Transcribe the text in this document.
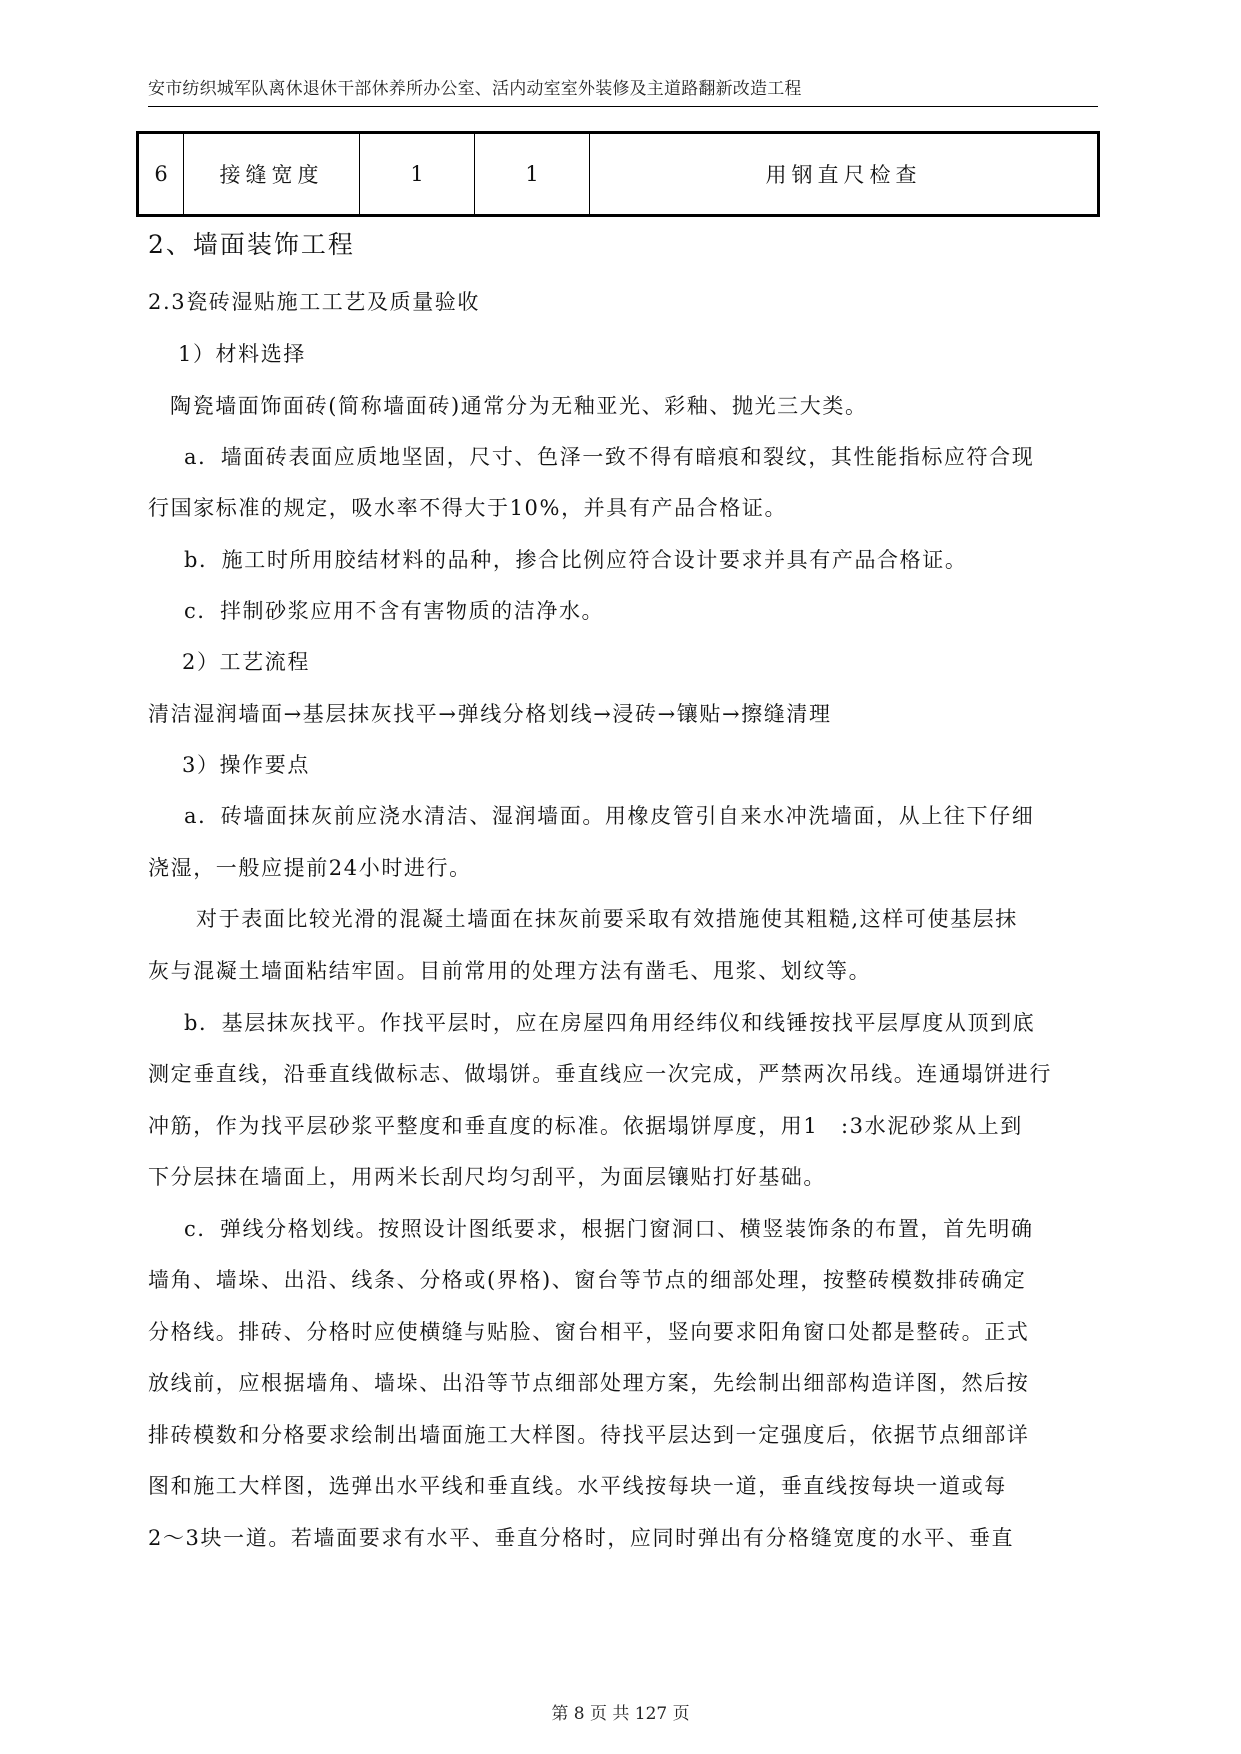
安市纺织城军队离休退休干部休养所办公室、活内动室室外装修及主道路翻新改造工程
6	接缝宽度	1	1	用钢直尺检查
2、墙面装饰工程
2.3瓷砖湿贴施工工艺及质量验收
1）材料选择
陶瓷墙面饰面砖(简称墙面砖)通常分为无釉亚光、彩釉、抛光三大类。
a．墙面砖表面应质地坚固，尺寸、色泽一致不得有暗痕和裂纹，其性能指标应符合现
行国家标准的规定，吸水率不得大于10%，并具有产品合格证。
b．施工时所用胶结材料的品种，掺合比例应符合设计要求并具有产品合格证。
c．拌制砂浆应用不含有害物质的洁净水。
2）工艺流程
清洁湿润墙面→基层抹灰找平→弹线分格划线→浸砖→镶贴→擦缝清理
3）操作要点
a．砖墙面抹灰前应浇水清洁、湿润墙面。用橡皮管引自来水冲洗墙面，从上往下仔细
浇湿，一般应提前24小时进行。
对于表面比较光滑的混凝土墙面在抹灰前要采取有效措施使其粗糙,这样可使基层抹
灰与混凝土墙面粘结牢固。目前常用的处理方法有凿毛、甩浆、划纹等。
b．基层抹灰找平。作找平层时，应在房屋四角用经纬仪和线锤按找平层厚度从顶到底
测定垂直线，沿垂直线做标志、做塌饼。垂直线应一次完成，严禁两次吊线。连通塌饼进行
冲筋，作为找平层砂浆平整度和垂直度的标准。依据塌饼厚度，用1　:3水泥砂浆从上到
下分层抹在墙面上，用两米长刮尺均匀刮平，为面层镶贴打好基础。
c．弹线分格划线。按照设计图纸要求，根据门窗洞口、横竖装饰条的布置，首先明确
墙角、墙垛、出沿、线条、分格或(界格)、窗台等节点的细部处理，按整砖模数排砖确定
分格线。排砖、分格时应使横缝与贴脸、窗台相平，竖向要求阳角窗口处都是整砖。正式
放线前，应根据墙角、墙垛、出沿等节点细部处理方案，先绘制出细部构造详图，然后按
排砖模数和分格要求绘制出墙面施工大样图。待找平层达到一定强度后，依据节点细部详
图和施工大样图，选弹出水平线和垂直线。水平线按每块一道，垂直线按每块一道或每
2～3块一道。若墙面要求有水平、垂直分格时，应同时弹出有分格缝宽度的水平、垂直
第 8 页 共 127 页
